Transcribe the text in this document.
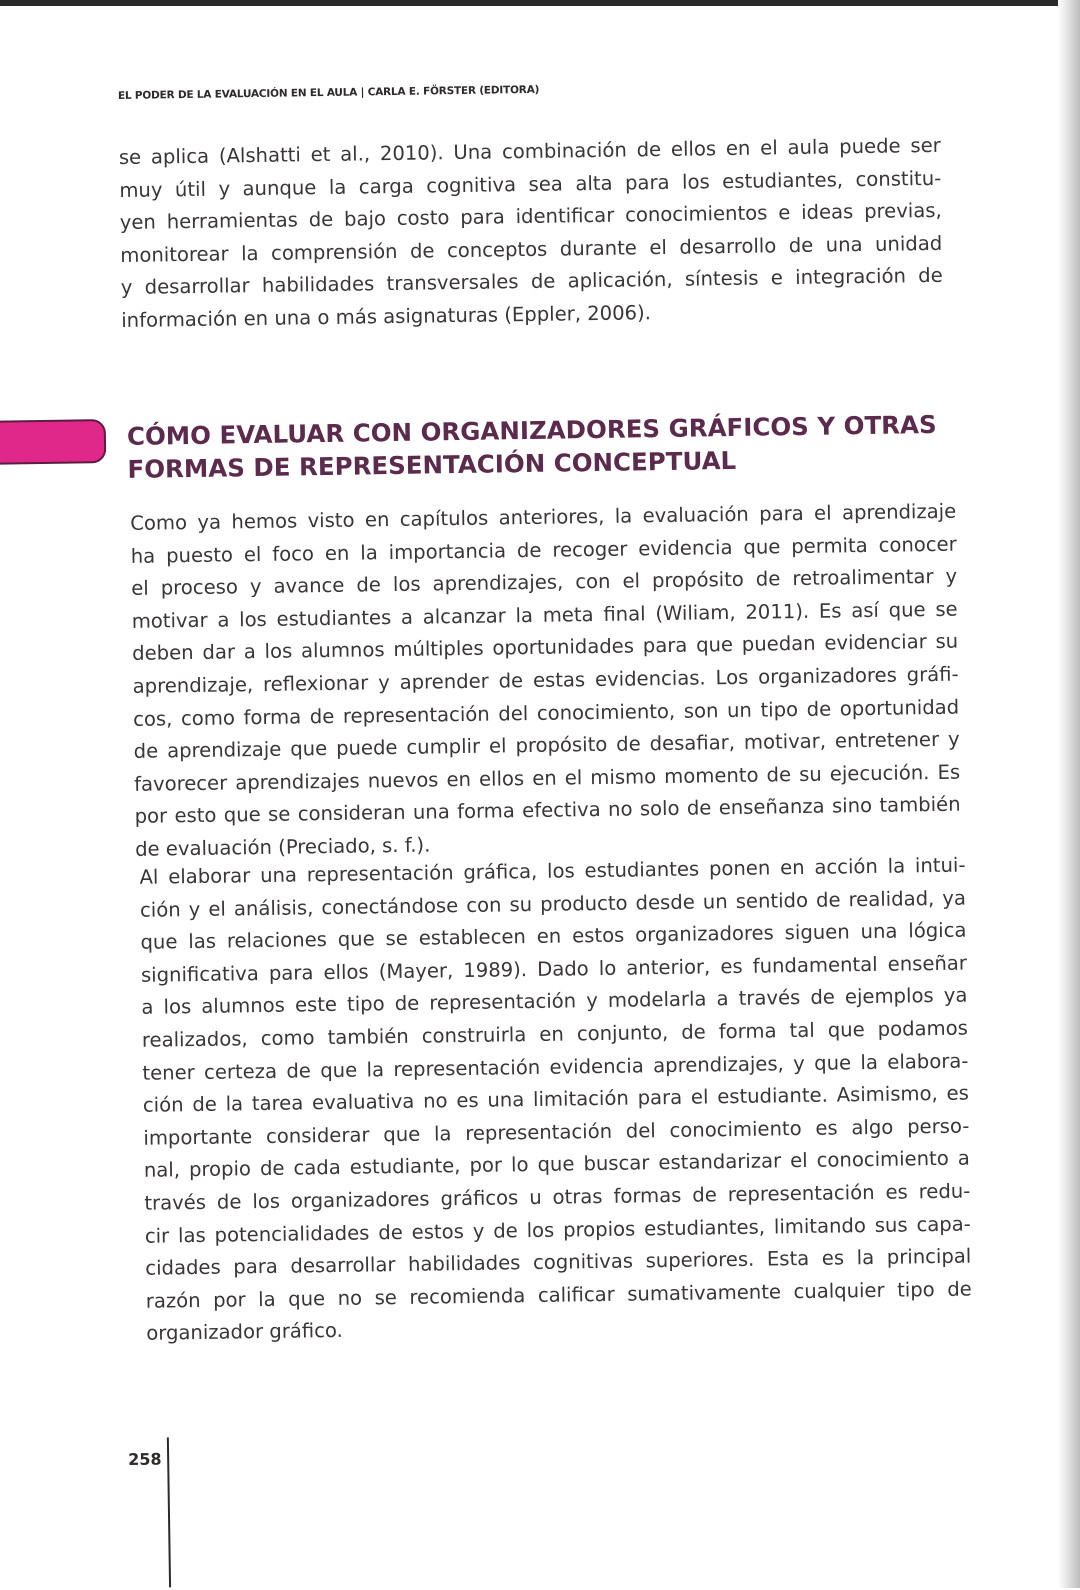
EL PODER DE LA EVALUACIÓN EN EL AULA | CARLA E. FÖRSTER (EDITORA)
se aplica (Alshatti et al., 2010). Una combinación de ellos en el aula puede ser
muy útil y aunque la carga cognitiva sea alta para los estudiantes, constitu-
yen herramientas de bajo costo para identificar conocimientos e ideas previas,
monitorear la comprensión de conceptos durante el desarrollo de una unidad
y desarrollar habilidades transversales de aplicación, síntesis e integración de
información en una o más asignaturas (Eppler, 2006).
CÓMO EVALUAR CON ORGANIZADORES GRÁFICOS Y OTRAS
FORMAS DE REPRESENTACIÓN CONCEPTUAL
Como ya hemos visto en capítulos anteriores, la evaluación para el aprendizaje
ha puesto el foco en la importancia de recoger evidencia que permita conocer
el proceso y avance de los aprendizajes, con el propósito de retroalimentar y
motivar a los estudiantes a alcanzar la meta final (Wiliam, 2011). Es así que se
deben dar a los alumnos múltiples oportunidades para que puedan evidenciar su
aprendizaje, reflexionar y aprender de estas evidencias. Los organizadores gráfi-
cos, como forma de representación del conocimiento, son un tipo de oportunidad
de aprendizaje que puede cumplir el propósito de desafiar, motivar, entretener y
favorecer aprendizajes nuevos en ellos en el mismo momento de su ejecución. Es
por esto que se consideran una forma efectiva no solo de enseñanza sino también
de evaluación (Preciado, s. f.).
Al elaborar una representación gráfica, los estudiantes ponen en acción la intui-
ción y el análisis, conectándose con su producto desde un sentido de realidad, ya
que las relaciones que se establecen en estos organizadores siguen una lógica
significativa para ellos (Mayer, 1989). Dado lo anterior, es fundamental enseñar
a los alumnos este tipo de representación y modelarla a través de ejemplos ya
realizados, como también construirla en conjunto, de forma tal que podamos
tener certeza de que la representación evidencia aprendizajes, y que la elabora-
ción de la tarea evaluativa no es una limitación para el estudiante. Asimismo, es
importante considerar que la representación del conocimiento es algo perso-
nal, propio de cada estudiante, por lo que buscar estandarizar el conocimiento a
través de los organizadores gráficos u otras formas de representación es redu-
cir las potencialidades de estos y de los propios estudiantes, limitando sus capa-
cidades para desarrollar habilidades cognitivas superiores. Esta es la principal
razón por la que no se recomienda calificar sumativamente cualquier tipo de
organizador gráfico.
258
